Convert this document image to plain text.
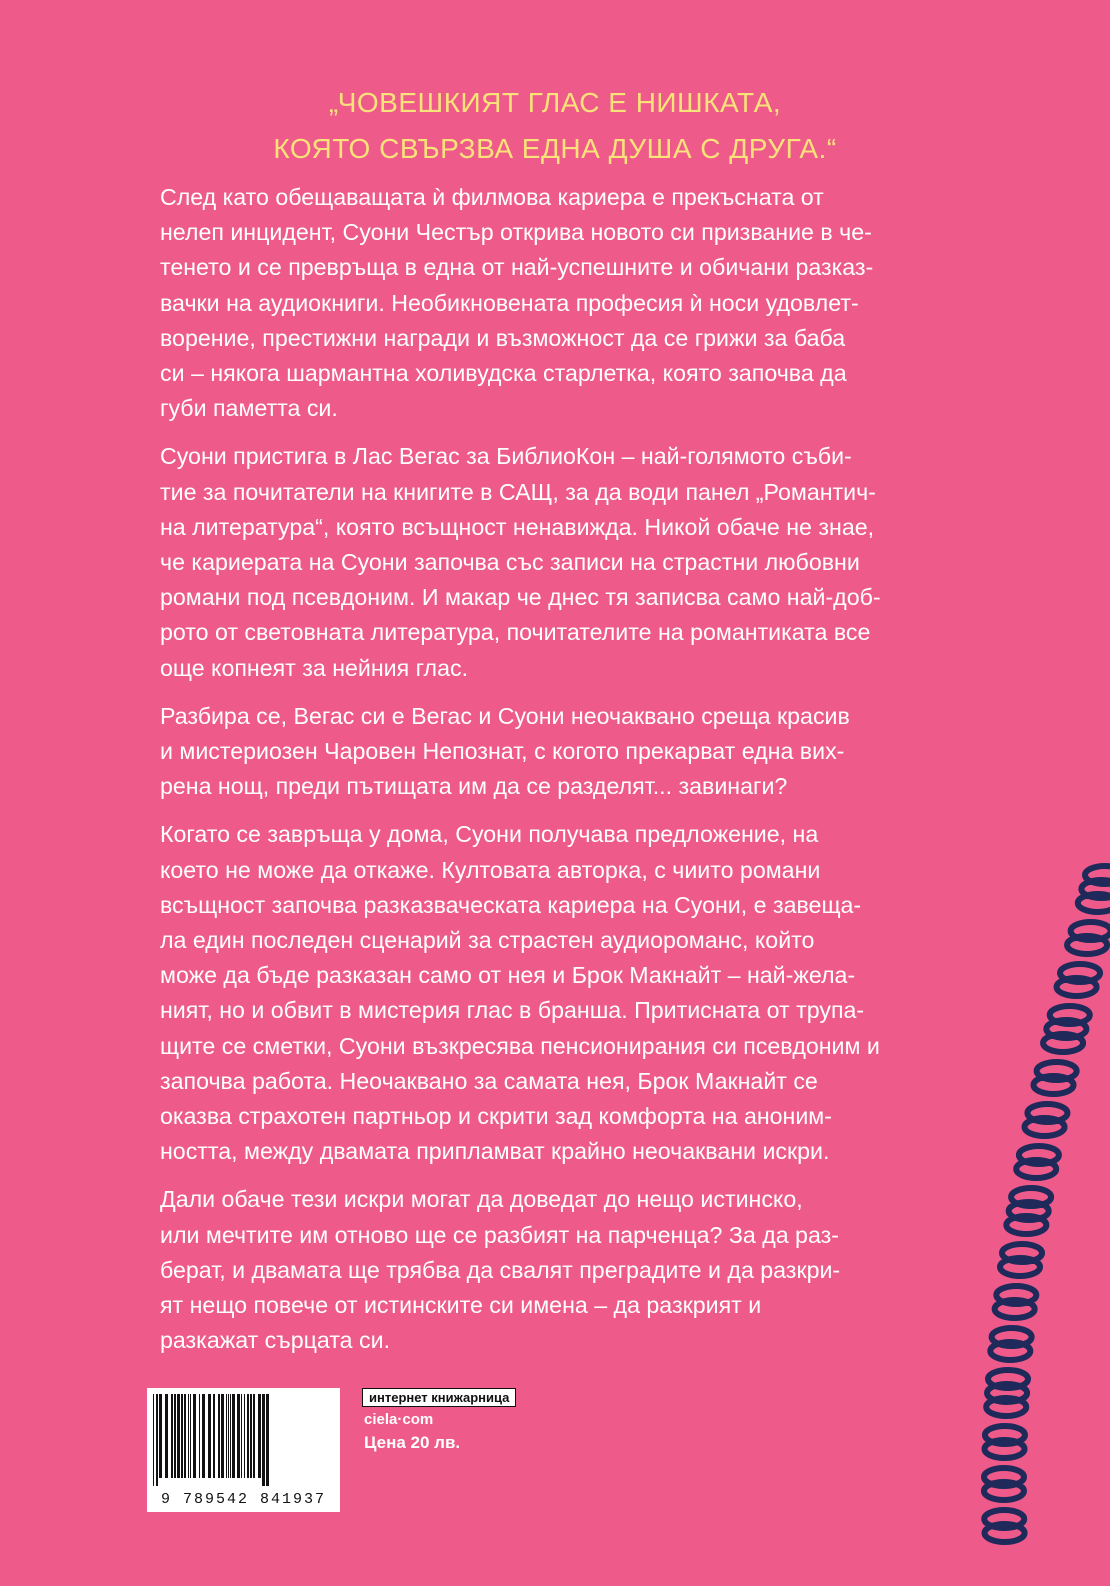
„ЧОВЕШКИЯТ ГЛАС Е НИШКАТА,
КОЯТО СВЪРЗВА ЕДНА ДУША С ДРУГА.“
След като обещаващата ѝ филмова кариера е прекъсната от
нелеп инцидент, Суони Честър открива новото си призвание в че-
тенето и се превръща в една от най-успешните и обичани разказ-
вачки на аудиокниги. Необикновената професия ѝ носи удовлет-
ворение, престижни награди и възможност да се грижи за баба
си – някога шармантна холивудска старлетка, която започва да
губи паметта си.
Суони пристига в Лас Вегас за БиблиоКон – най-голямото съби-
тие за почитатели на книгите в САЩ, за да води панел „Романтич-
на литература“, която всъщност ненавижда. Никой обаче не знае,
че кариерата на Суони започва със записи на страстни любовни
романи под псевдоним. И макар че днес тя записва само най-доб-
рото от световната литература, почитателите на романтиката все
още копнеят за нейния глас.
Разбира се, Вегас си е Вегас и Суони неочаквано среща красив
и мистериозен Чаровен Непознат, с когото прекарват една вих-
рена нощ, преди пътищата им да се разделят... завинаги?
Когато се завръща у дома, Суони получава предложение, на
което не може да откаже. Култовата авторка, с чиито романи
всъщност започва разказваческата кариера на Суони, е завеща-
ла един последен сценарий за страстен аудиороманс, който
може да бъде разказан само от нея и Брок Макнайт – най-жела-
ният, но и обвит в мистерия глас в бранша. Притисната от трупа-
щите се сметки, Суони възкресява пенсионирания си псевдоним и
започва работа. Неочаквано за самата нея, Брок Макнайт се
оказва страхотен партньор и скрити зад комфорта на аноним-
ността, между двамата припламват крайно неочаквани искри.
Дали обаче тези искри могат да доведат до нещо истинско,
или мечтите им отново ще се разбият на парченца? За да раз-
берат, и двамата ще трябва да свалят преградите и да разкри-
ят нещо повече от истинските си имена – да разкрият и
разкажат сърцата си.
9 789542 841937
интернет книжарница
ciela·com
Цена 20 лв.
